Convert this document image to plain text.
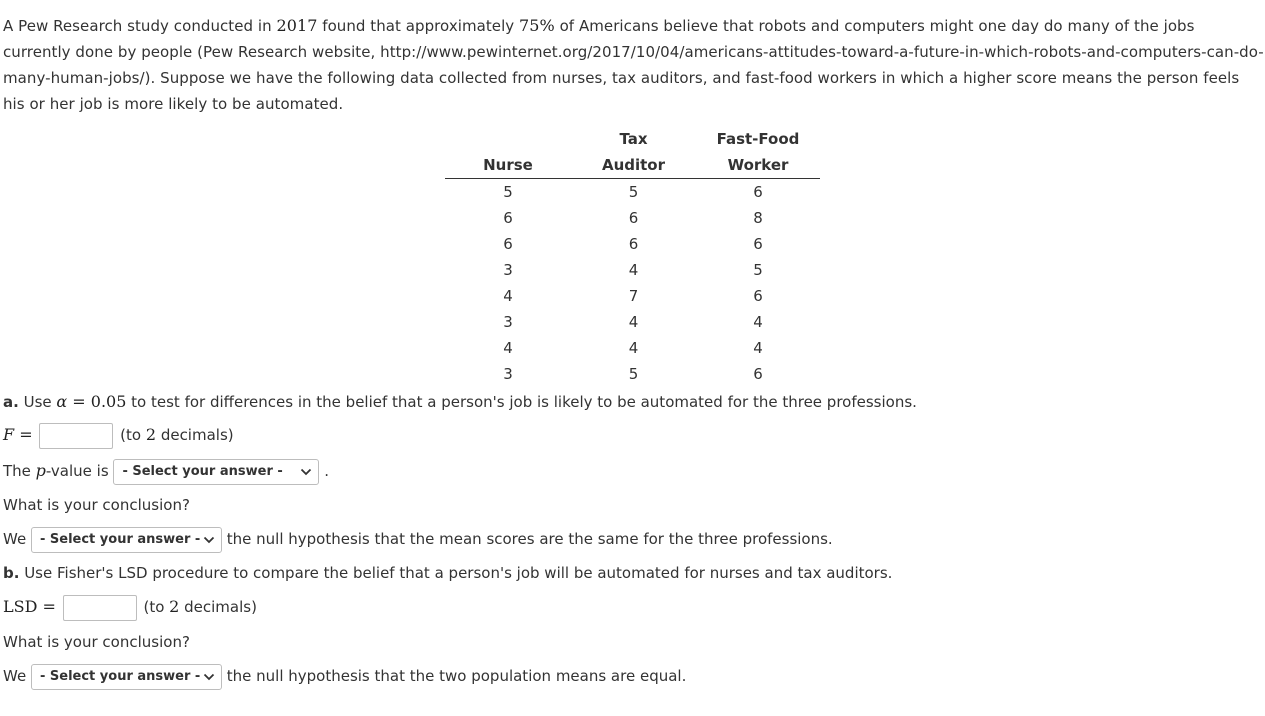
A Pew Research study conducted in 2017 found that approximately 75% of Americans believe that robots and computers might one day do many of the jobs currently done by people (Pew Research website, http://www.pewinternet.org/2017/10/04/americans-attitudes-toward-a-future-in-which-robots-and-computers-can-do-many-human-jobs/). Suppose we have the following data collected from nurses, tax auditors, and fast-food workers in which a higher score means the person feels his or her job is more likely to be automated.

	Tax	Fast-Food
Nurse	Auditor	Worker
5	5	6
6	6	8
6	6	6
3	4	5
4	7	6
3	4	4
4	4	4
3	5	6
a. Use α = 0.05 to test for differences in the belief that a person's job is likely to be automated for the three professions.
F =	(to 2 decimals)
The p-value is - Select your answer -	.
What is your conclusion?
We - Select your answer - the null hypothesis that the mean scores are the same for the three professions.
b. Use Fisher's LSD procedure to compare the belief that a person's job will be automated for nurses and tax auditors.
LSD =	(to 2 decimals)
What is your conclusion?
We - Select your answer - the null hypothesis that the two population means are equal.
